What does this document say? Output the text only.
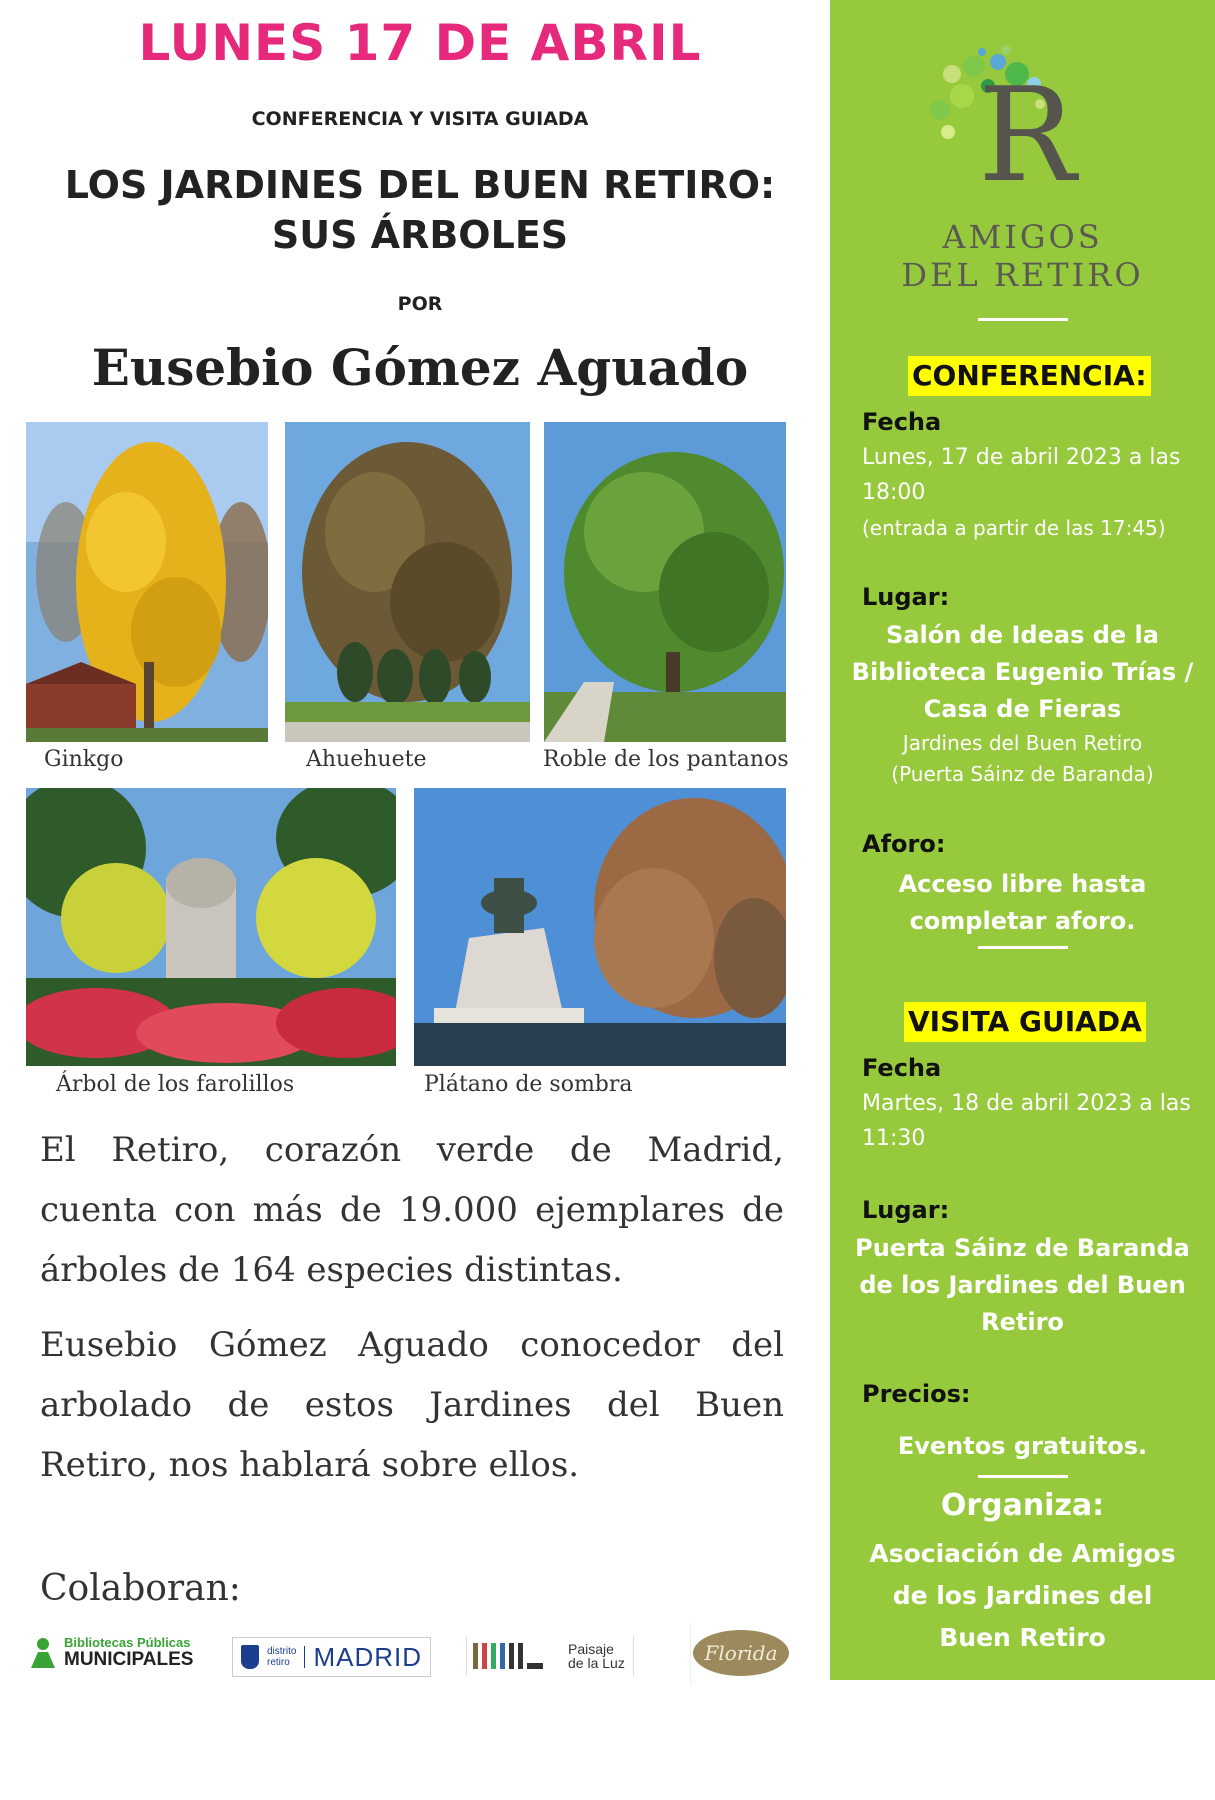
LUNES 17 DE ABRIL
CONFERENCIA Y VISITA GUIADA
LOS JARDINES DEL BUEN RETIRO:
SUS ÁRBOLES
POR
Eusebio Gómez Aguado
Ginkgo	Ahuehuete	Roble de los pantanos
Árbol de los farolillos	Plátano de sombra
El Retiro, corazón verde de Madrid, cuenta con más de 19.000 ejemplares de árboles de 164 especies distintas.
Eusebio Gómez Aguado conocedor del arbolado de estos Jardines del Buen Retiro, nos hablará sobre ellos.
Colaboran:
Bibliotecas Públicas
MUNICIPALES	distrito
retiro MADRID	Paisaje
de la Luz	Florida
R
AMIGOS
DEL RETIRO
CONFERENCIA:
Fecha
Lunes, 17 de abril 2023 a las
18:00
(entrada a partir de las 17:45)
Lugar:
Salón de Ideas de la
Biblioteca Eugenio Trías /
Casa de Fieras
Jardines del Buen Retiro
(Puerta Sáinz de Baranda)
Aforo:
Acceso libre hasta
completar aforo.
VISITA GUIADA
Fecha
Martes, 18 de abril 2023 a las
11:30
Lugar:
Puerta Sáinz de Baranda
de los Jardines del Buen
Retiro
Precios:
Eventos gratuitos.
Organiza:
Asociación de Amigos
de los Jardines del
Buen Retiro
